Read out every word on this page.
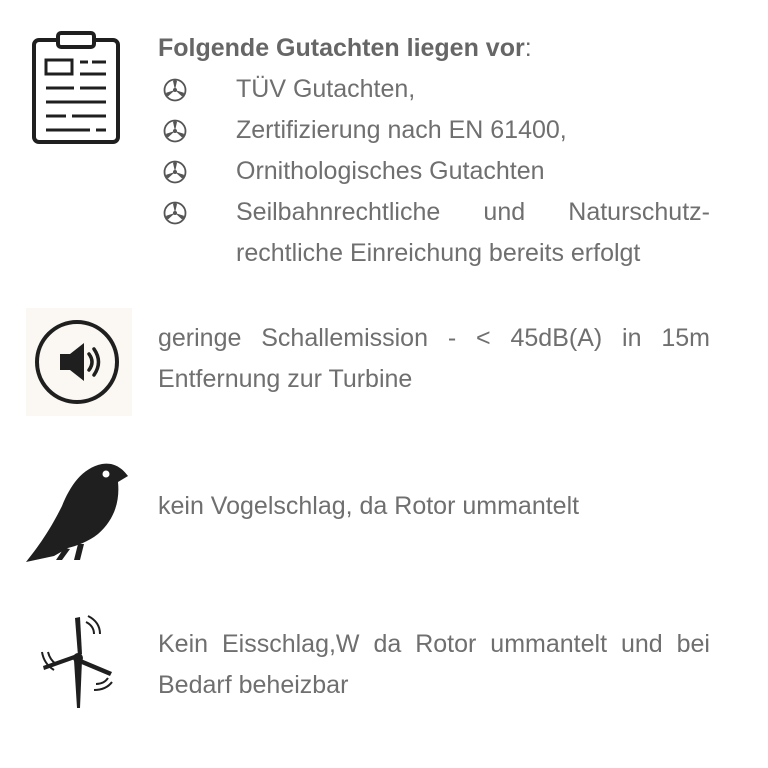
Folgende Gutachten liegen vor:
TÜV Gutachten,
Zertifizierung nach EN 61400,
Ornithologisches Gutachten
Seilbahnrechtliche und Naturschutz-rechtliche Einreichung bereits erfolgt
geringe Schallemission - < 45dB(A) in 15m Entfernung zur Turbine
kein Vogelschlag, da Rotor ummantelt
Kein Eisschlag,W da Rotor ummantelt und bei Bedarf beheizbar
